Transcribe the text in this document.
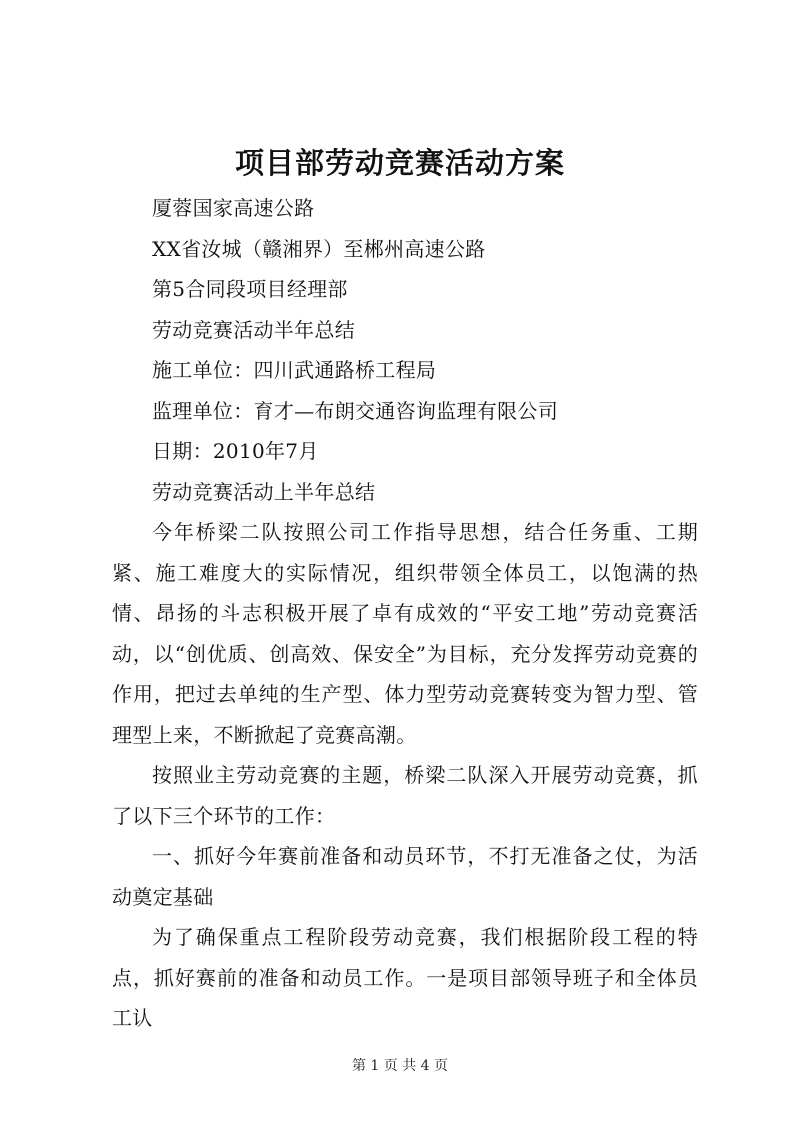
项目部劳动竞赛活动方案

厦蓉国家高速公路

XX省汝城（赣湘界）至郴州高速公路

第5合同段项目经理部

劳动竞赛活动半年总结

施工单位：四川武通路桥工程局

监理单位：育才—布朗交通咨询监理有限公司

日期：2010年7月

劳动竞赛活动上半年总结

今年桥梁二队按照公司工作指导思想，结合任务重、工期紧、施工难度大的实际情况，组织带领全体员工，以饱满的热情、昂扬的斗志积极开展了卓有成效的“平安工地”劳动竞赛活动，以“创优质、创高效、保安全”为目标，充分发挥劳动竞赛的作用，把过去单纯的生产型、体力型劳动竞赛转变为智力型、管理型上来，不断掀起了竞赛高潮。

按照业主劳动竞赛的主题，桥梁二队深入开展劳动竞赛，抓了以下三个环节的工作：

一、抓好今年赛前准备和动员环节，不打无准备之仗，为活动奠定基础

为了确保重点工程阶段劳动竞赛，我们根据阶段工程的特点，抓好赛前的准备和动员工作。一是项目部领导班子和全体员工认

第 1 页 共 4 页
